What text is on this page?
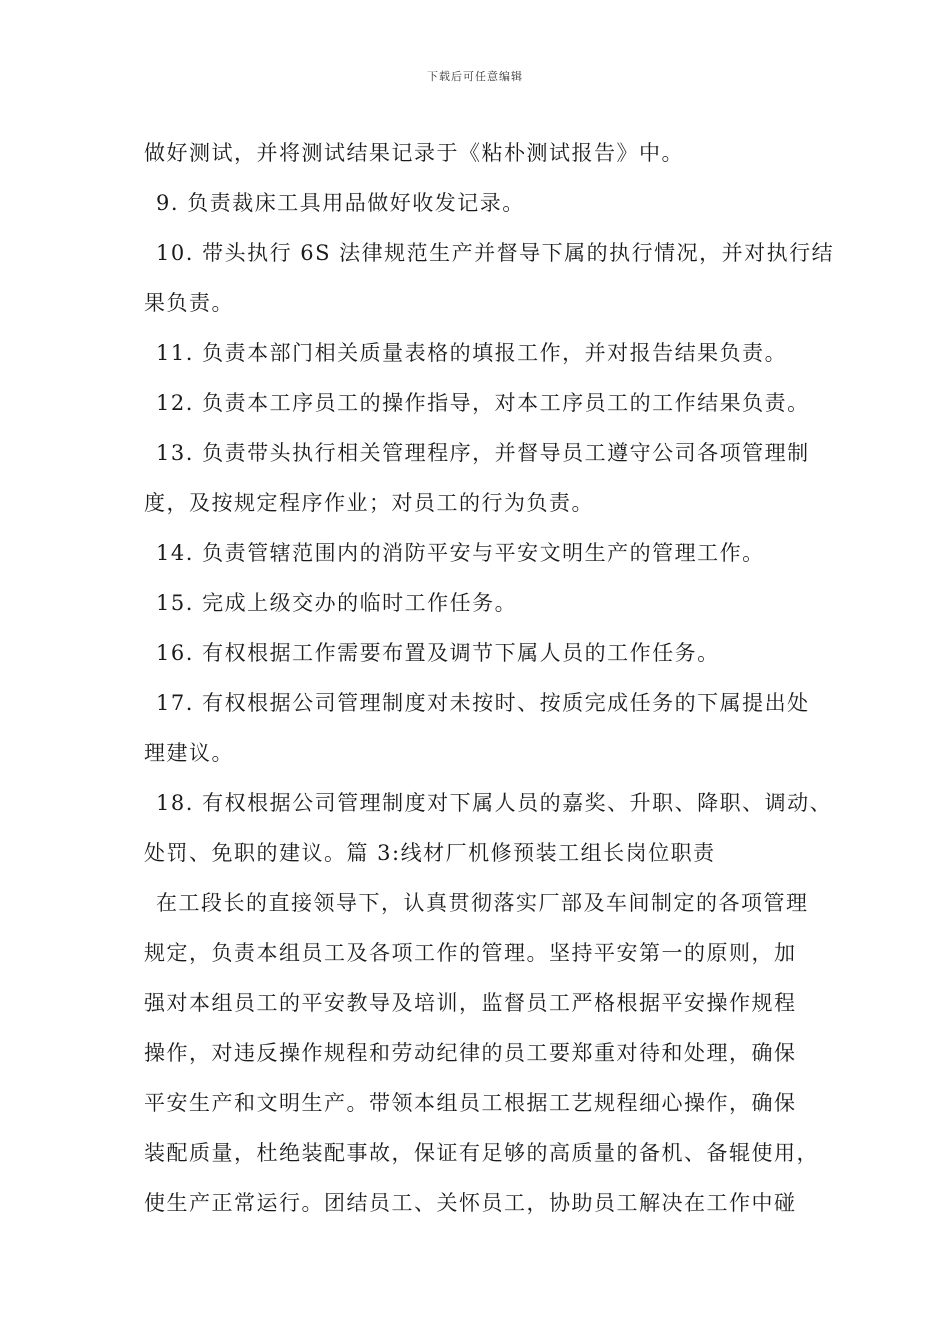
下载后可任意编辑
做好测试，并将测试结果记录于《粘朴测试报告》中。
9. 负责裁床工具用品做好收发记录。
10. 带头执行 6S 法律规范生产并督导下属的执行情况，并对执行结
果负责。
11. 负责本部门相关质量表格的填报工作，并对报告结果负责。
12. 负责本工序员工的操作指导，对本工序员工的工作结果负责。
13. 负责带头执行相关管理程序，并督导员工遵守公司各项管理制
度，及按规定程序作业；对员工的行为负责。
14. 负责管辖范围内的消防平安与平安文明生产的管理工作。
15. 完成上级交办的临时工作任务。
16. 有权根据工作需要布置及调节下属人员的工作任务。
17. 有权根据公司管理制度对未按时、按质完成任务的下属提出处
理建议。
18. 有权根据公司管理制度对下属人员的嘉奖、升职、降职、调动、
处罚、免职的建议。篇 3:线材厂机修预装工组长岗位职责
在工段长的直接领导下，认真贯彻落实厂部及车间制定的各项管理
规定，负责本组员工及各项工作的管理。坚持平安第一的原则，加
强对本组员工的平安教导及培训，监督员工严格根据平安操作规程
操作，对违反操作规程和劳动纪律的员工要郑重对待和处理，确保
平安生产和文明生产。带领本组员工根据工艺规程细心操作，确保
装配质量，杜绝装配事故，保证有足够的高质量的备机、备辊使用，
使生产正常运行。团结员工、关怀员工，协助员工解决在工作中碰
